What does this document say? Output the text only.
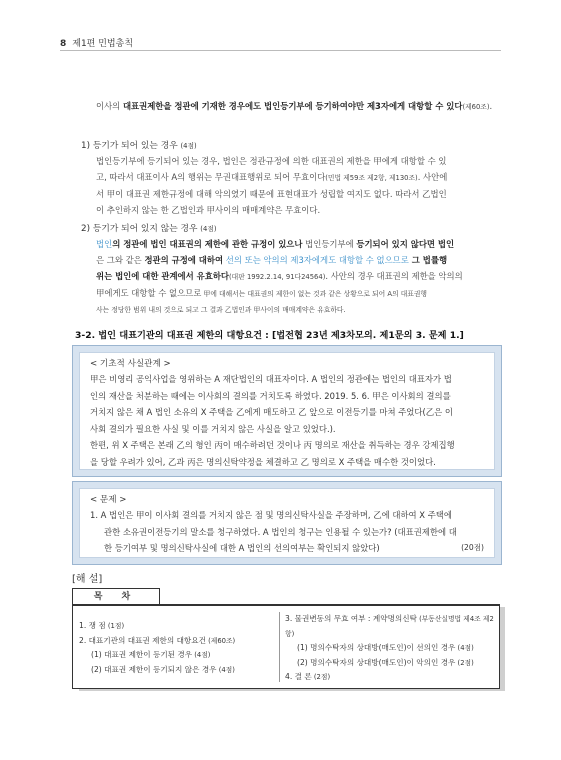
8 제1편 민법총칙
이사의 대표권제한을 정관에 기재한 경우에도 법인등기부에 등기하여야만 제3자에게 대항할 수 있다(제60조).
1) 등기가 되어 있는 경우 (4점)
법인등기부에 등기되어 있는 경우, 법인은 정관규정에 의한 대표권의 제한을 甲에게 대항할 수 있
고, 따라서 대표이사 A의 행위는 무권대표행위로 되어 무효이다(민법 제59조 제2항, 제130조). 사안에
서 甲이 대표권 제한규정에 대해 악의였기 때문에 표현대표가 성립할 여지도 없다. 따라서 乙법인
이 추인하지 않는 한 乙법인과 甲사이의 매매계약은 무효이다.
2) 등기가 되어 있지 않는 경우 (4점)
법인의 정관에 법인 대표권의 제한에 관한 규정이 있으나 법인등기부에 등기되어 있지 않다면 법인
은 그와 같은 정관의 규정에 대하여 선의 또는 악의의 제3자에게도 대항할 수 없으므로 그 법률행
위는 법인에 대한 관계에서 유효하다(대판 1992.2.14, 91다24564). 사안의 경우 대표권의 제한을 악의의
甲에게도 대항할 수 없으므로 甲에 대해서는 대표권의 제한이 없는 것과 같은 상황으로 되어 A의 대표권행
사는 정당한 범위 내의 것으로 되고 그 결과 乙법인과 甲사이의 매매계약은 유효하다.
3-2. 법인 대표기관의 대표권 제한의 대항요건 : [법전협 23년 제3차모의. 제1문의 3. 문제 1.]
< 기초적 사실관계 >
甲은 비영리 공익사업을 영위하는 A 재단법인의 대표자이다. A 법인의 정관에는 법인의 대표자가 법
인의 재산을 처분하는 때에는 이사회의 결의를 거치도록 하였다. 2019. 5. 6. 甲은 이사회의 결의를
거치지 않은 채 A 법인 소유의 X 주택을 乙에게 매도하고 乙 앞으로 이전등기를 마쳐 주었다(乙은 이
사회 결의가 필요한 사실 및 이를 거치지 않은 사실을 알고 있었다.).
한편, 위 X 주택은 본래 乙의 형인 丙이 매수하려던 것이나 丙 명의로 재산을 취득하는 경우 강제집행
을 당할 우려가 있어, 乙과 丙은 명의신탁약정을 체결하고 乙 명의로 X 주택을 매수한 것이었다.
< 문제 >
1. A 법인은 甲이 이사회 결의를 거치지 않은 점 및 명의신탁사실을 주장하며, 乙에 대하여 X 주택에
관한 소유권이전등기의 말소를 청구하였다. A 법인의 청구는 인용될 수 있는가? (대표권제한에 대
한 등기여부 및 명의신탁사실에 대한 A 법인의 선의여부는 확인되지 않았다)	(20점)
[해 설]
목 차
1. 쟁 점 (1점)
2. 대표기관의 대표권 제한의 대항요건 (제60조)
(1) 대표권 제한이 등기된 경우 (4점)
(2) 대표권 제한이 등기되지 않은 경우 (4점)
3. 물권변동의 무효 여부 : 계약명의신탁 (부동산실명법 제4조 제2항)
(1) 명의수탁자의 상대방(매도인)이 선의인 경우 (4점)
(2) 명의수탁자의 상대방(매도인)이 악의인 경우 (2점)
4. 결 론 (2점)
